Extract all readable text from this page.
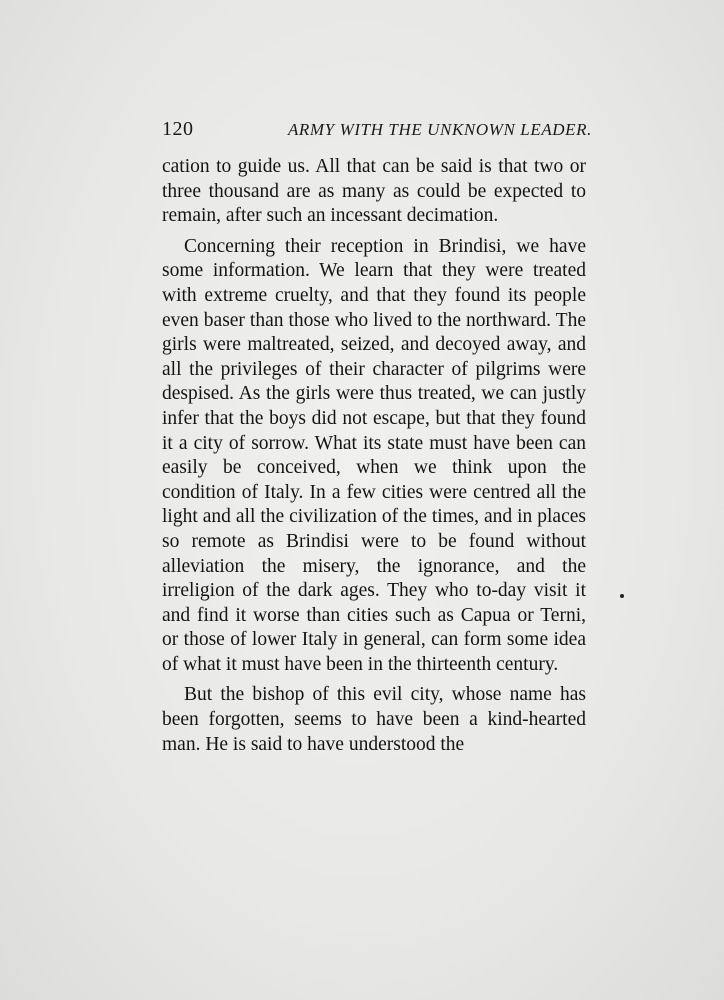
120	ARMY WITH THE UNKNOWN LEADER.

cation to guide us. All that can be said is that two or three thousand are as many as could be expected to remain, after such an incessant decimation.

Concerning their reception in Brindisi, we have some information. We learn that they were treated with extreme cruelty, and that they found its people even baser than those who lived to the northward. The girls were maltreated, seized, and decoyed away, and all the privileges of their character of pilgrims were despised. As the girls were thus treated, we can justly infer that the boys did not escape, but that they found it a city of sorrow. What its state must have been can easily be conceived, when we think upon the condition of Italy. In a few cities were centred all the light and all the civilization of the times, and in places so remote as Brindisi were to be found without alleviation the misery, the ignorance, and the irreligion of the dark ages. They who to-day visit it and find it worse than cities such as Capua or Terni, or those of lower Italy in general, can form some idea of what it must have been in the thirteenth century.

But the bishop of this evil city, whose name has been forgotten, seems to have been a kind-hearted man. He is said to have understood the
